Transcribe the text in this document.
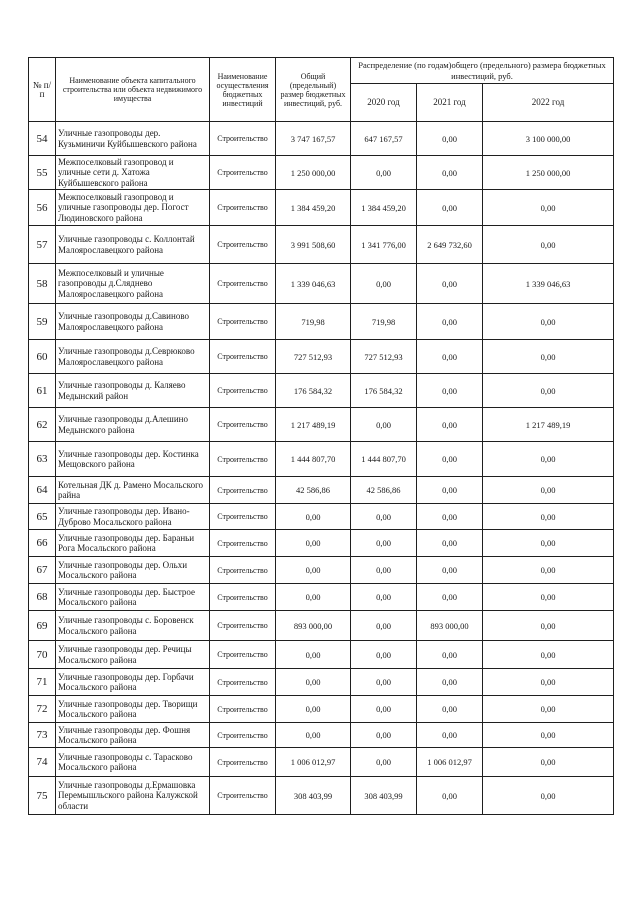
№ п/п	Наименование объекта капитального строительства или объекта недвижимого имущества	Наименование осуществления бюджетных инвестиций	Общий (предельный) размер бюджетных инвестиций, руб.	Распределение (по годам)общего (предельного) размера бюджетных инвестиций, руб.		
				2020 год	2021 год	2022 год
54	Уличные газопроводы дер. Кузьминичи Куйбышевского района	Строительство	3 747 167,57	647 167,57	0,00	3 100 000,00
55	Межпоселковый газопровод и уличные сети д. Хатожа Куйбышевского района	Строительство	1 250 000,00	0,00	0,00	1 250 000,00
56	Межпоселковый газопровод и уличные газопроводы дер. Погост Людиновского района	Строительство	1 384 459,20	1 384 459,20	0,00	0,00
57	Уличные газопроводы с. Коллонтай Малоярославецкого района	Строительство	3 991 508,60	1 341 776,00	2 649 732,60	0,00
58	Межпоселковый и уличные газопроводы д.Сляднево Малоярославецкого района	Строительство	1 339 046,63	0,00	0,00	1 339 046,63
59	Уличные газопроводы д.Савиново Малоярославецкого района	Строительство	719,98	719,98	0,00	0,00
60	Уличные газопроводы д.Севрюково Малоярославецкого района	Строительство	727 512,93	727 512,93	0,00	0,00
61	Уличные газопроводы д. Каляево Медынский район	Строительство	176 584,32	176 584,32	0,00	0,00
62	Уличные газопроводы д.Алешино Медынского района	Строительство	1 217 489,19	0,00	0,00	1 217 489,19
63	Уличные газопроводы дер. Костинка Мещовского района	Строительство	1 444 807,70	1 444 807,70	0,00	0,00
64	Котельная ДК д. Рамено Мосальского райна	Строительство	42 586,86	42 586,86	0,00	0,00
65	Уличные газопроводы дер. Ивано-Дуброво Мосальского района	Строительство	0,00	0,00	0,00	0,00
66	Уличные газопроводы дер. Бараньи Рога Мосальского района	Строительство	0,00	0,00	0,00	0,00
67	Уличные газопроводы дер. Ольхи Мосальского района	Строительство	0,00	0,00	0,00	0,00
68	Уличные газопроводы дер. Быстрое Мосальского района	Строительство	0,00	0,00	0,00	0,00
69	Уличные газопроводы с. Боровенск Мосальского района	Строительство	893 000,00	0,00	893 000,00	0,00
70	Уличные газопроводы дер. Речицы Мосальского района	Строительство	0,00	0,00	0,00	0,00
71	Уличные газопроводы дер. Горбачи Мосальского района	Строительство	0,00	0,00	0,00	0,00
72	Уличные газопроводы дер. Творищи Мосальского района	Строительство	0,00	0,00	0,00	0,00
73	Уличные газопроводы дер. Фошня Мосальского района	Строительство	0,00	0,00	0,00	0,00
74	Уличные газопроводы с. Тарасково Мосальского района	Строительство	1 006 012,97	0,00	1 006 012,97	0,00
75	Уличные газопроводы д.Ермашовка Перемышльского района Калужской области	Строительство	308 403,99	308 403,99	0,00	0,00
